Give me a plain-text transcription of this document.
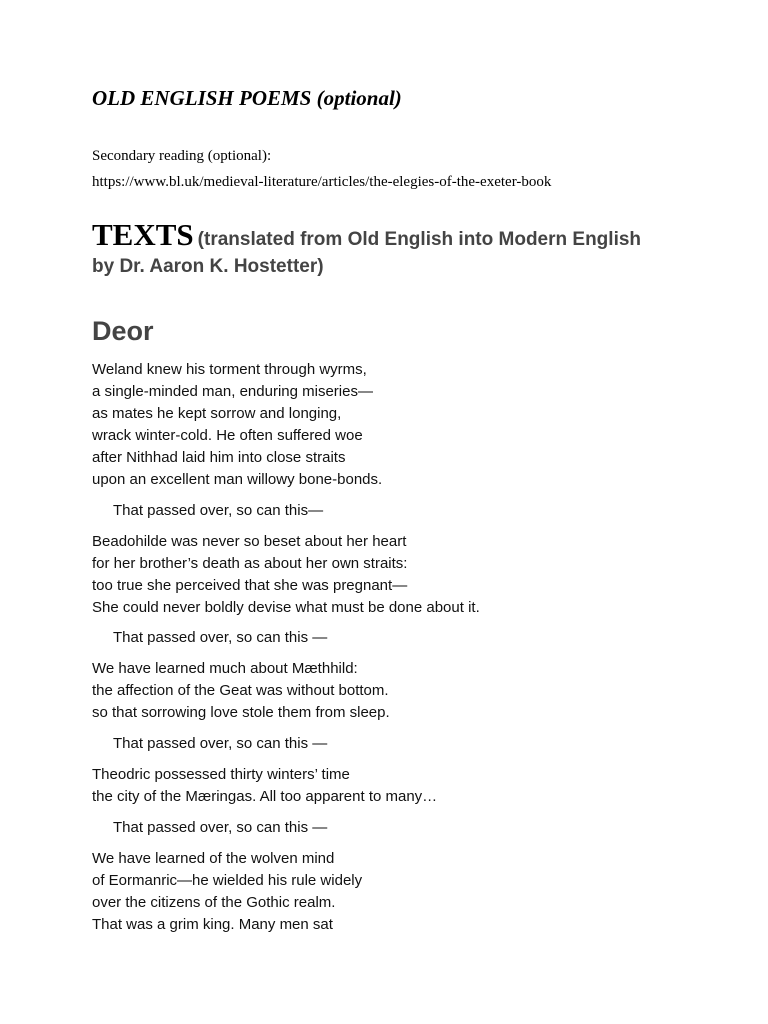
OLD ENGLISH POEMS (optional)

Secondary reading (optional):

https://www.bl.uk/medieval-literature/articles/the-elegies-of-the-exeter-book
TEXTS (translated from Old English into Modern English
by Dr. Aaron K. Hostetter)
Deor
Weland knew his torment through wyrms,
a single-minded man, enduring miseries—
as mates he kept sorrow and longing,
wrack winter-cold. He often suffered woe
after Nithhad laid him into close straits
upon an excellent man willowy bone-bonds.

That passed over, so can this—

Beadohilde was never so beset about her heart
for her brother’s death as about her own straits:
too true she perceived that she was pregnant—
She could never boldly devise what must be done about it.

That passed over, so can this —

We have learned much about Mæthhild:
the affection of the Geat was without bottom.
so that sorrowing love stole them from sleep.

That passed over, so can this —

Theodric possessed thirty winters’ time
the city of the Mæringas. All too apparent to many…

That passed over, so can this —

We have learned of the wolven mind
of Eormanric—he wielded his rule widely
over the citizens of the Gothic realm.
That was a grim king. Many men sat
